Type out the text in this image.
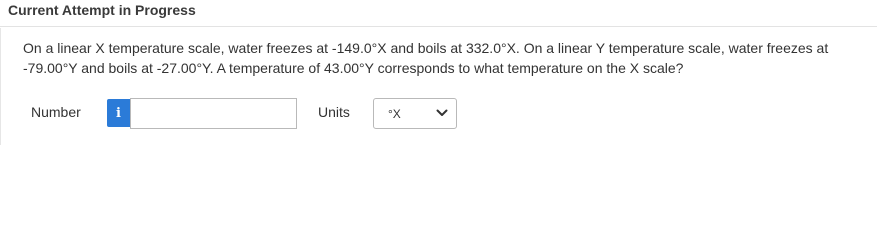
Current Attempt in Progress
On a linear X temperature scale, water freezes at -149.0°X and boils at 332.0°X. On a linear Y temperature scale, water freezes at
-79.00°Y and boils at -27.00°Y. A temperature of 43.00°Y corresponds to what temperature on the X scale?
Number	i	Units	°X
